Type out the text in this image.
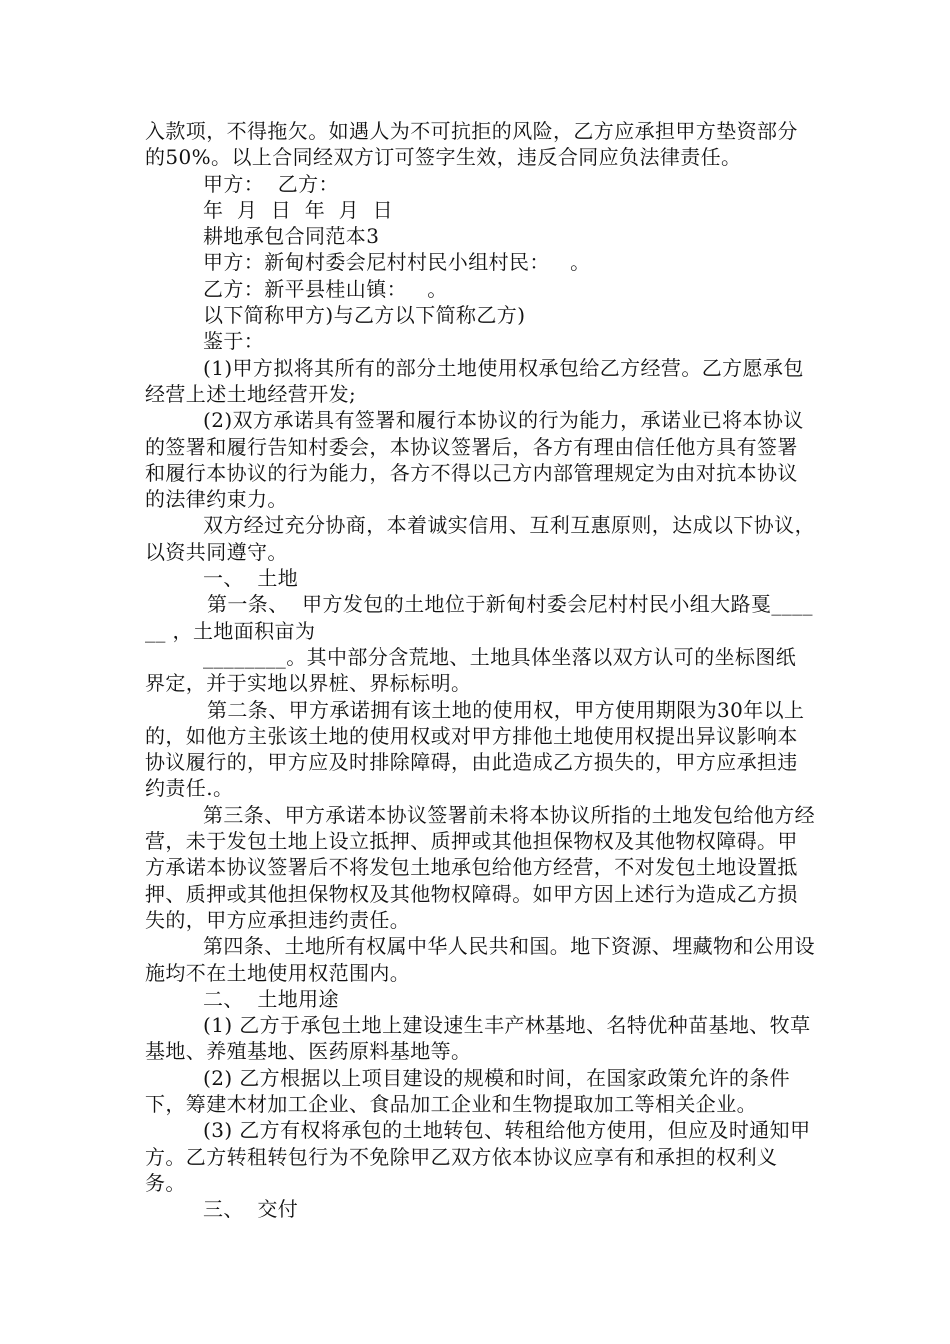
入款项，不得拖欠。如遇人为不可抗拒的风险，乙方应承担甲方垫资部分的50%。以上合同经双方订可签字生效，违反合同应负法律责任。

甲方：  乙方：

年  月  日  年  月  日

耕地承包合同范本3

甲方：新甸村委会尼村村民小组村民：   。

乙方：新平县桂山镇：   。

以下简称甲方)与乙方以下简称乙方)

鉴于：

(1)甲方拟将其所有的部分土地使用权承包给乙方经营。乙方愿承包经营上述土地经营开发;

(2)双方承诺具有签署和履行本协议的行为能力，承诺业已将本协议的签署和履行告知村委会，本协议签署后，各方有理由信任他方具有签署和履行本协议的行为能力，各方不得以己方内部管理规定为由对抗本协议的法律约束力。

双方经过充分协商，本着诚实信用、互利互惠原则，达成以下协议，以资共同遵守。

一、  土地

第一条、  甲方发包的土地位于新甸村委会尼村村民小组大路戛______ ，土地面积亩为

________。其中部分含荒地、土地具体坐落以双方认可的坐标图纸界定，并于实地以界桩、界标标明。

第二条、甲方承诺拥有该土地的使用权，甲方使用期限为30年以上的，如他方主张该土地的使用权或对甲方排他土地使用权提出异议影响本协议履行的，甲方应及时排除障碍，由此造成乙方损失的，甲方应承担违约责任.。

第三条、甲方承诺本协议签署前未将本协议所指的土地发包给他方经营，未于发包土地上设立抵押、质押或其他担保物权及其他物权障碍。甲方承诺本协议签署后不将发包土地承包给他方经营，不对发包土地设置抵押、质押或其他担保物权及其他物权障碍。如甲方因上述行为造成乙方损失的，甲方应承担违约责任。

第四条、土地所有权属中华人民共和国。地下资源、埋藏物和公用设施均不在土地使用权范围内。

二、  土地用途

(1) 乙方于承包土地上建设速生丰产林基地、名特优种苗基地、牧草基地、养殖基地、医药原料基地等。

(2) 乙方根据以上项目建设的规模和时间，在国家政策允许的条件下，筹建木材加工企业、食品加工企业和生物提取加工等相关企业。

(3) 乙方有权将承包的土地转包、转租给他方使用，但应及时通知甲方。乙方转租转包行为不免除甲乙双方依本协议应享有和承担的权利义务。

三、  交付
